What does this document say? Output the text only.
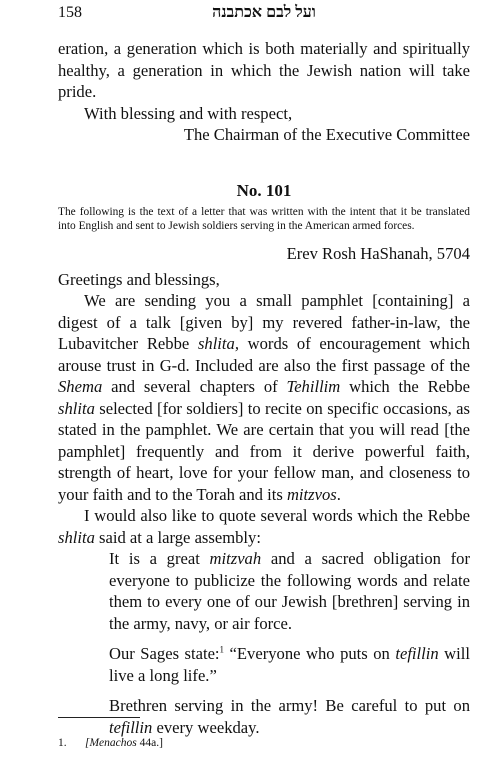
158	ועל לבם אכתבנה

eration, a generation which is both materially and spiritually healthy, a generation in which the Jewish nation will take pride.

With blessing and with respect,

The Chairman of the Executive Committee

No. 101

The following is the text of a letter that was written with the intent that it be translated into English and sent to Jewish soldiers serving in the American armed forces.

Erev Rosh HaShanah, 5704

Greetings and blessings,

We are sending you a small pamphlet [containing] a digest of a talk [given by] my revered father-in-law, the Lubavitcher Rebbe shlita, words of encouragement which arouse trust in G-d. Included are also the first passage of the Shema and several chapters of Tehillim which the Rebbe shlita selected [for soldiers] to recite on specific occasions, as stated in the pamphlet. We are certain that you will read [the pamphlet] frequently and from it derive powerful faith, strength of heart, love for your fellow man, and closeness to your faith and to the Torah and its mitzvos.

I would also like to quote several words which the Rebbe shlita said at a large assembly:

It is a great mitzvah and a sacred obligation for everyone to publicize the following words and relate them to every one of our Jewish [brethren] serving in the army, navy, or air force.

Our Sages state:$^1$ “Everyone who puts on tefillin will live a long life.”

Brethren serving in the army! Be careful to put on tefillin every weekday.

1. [Menachos 44a.]
